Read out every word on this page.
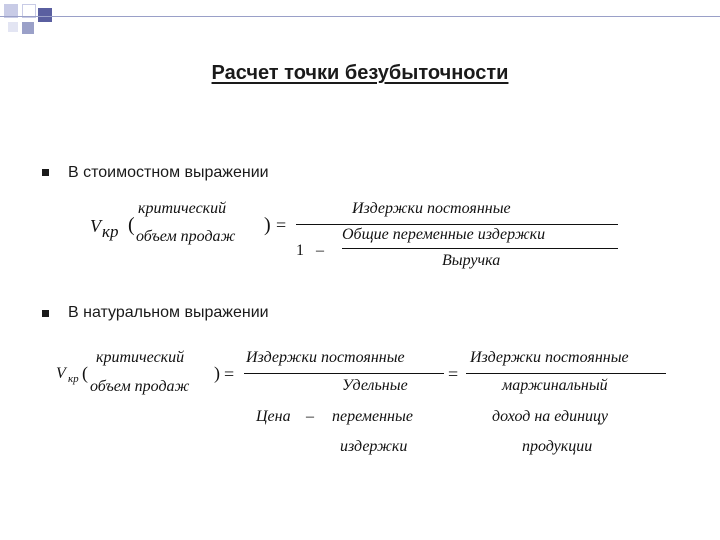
Расчет точки безубыточности
В стоимостном выражении
V кр (
критический
объем продаж
) =
Издержки постоянные
1 –
Общие переменные издержки
Выручка
В натуральном выражении
V кр (
критический
объем продаж
) =
Издержки постоянные
Удельные
Цена – переменные
издержки
=
Издержки постоянные
маржинальный
доход на единицу
продукции
